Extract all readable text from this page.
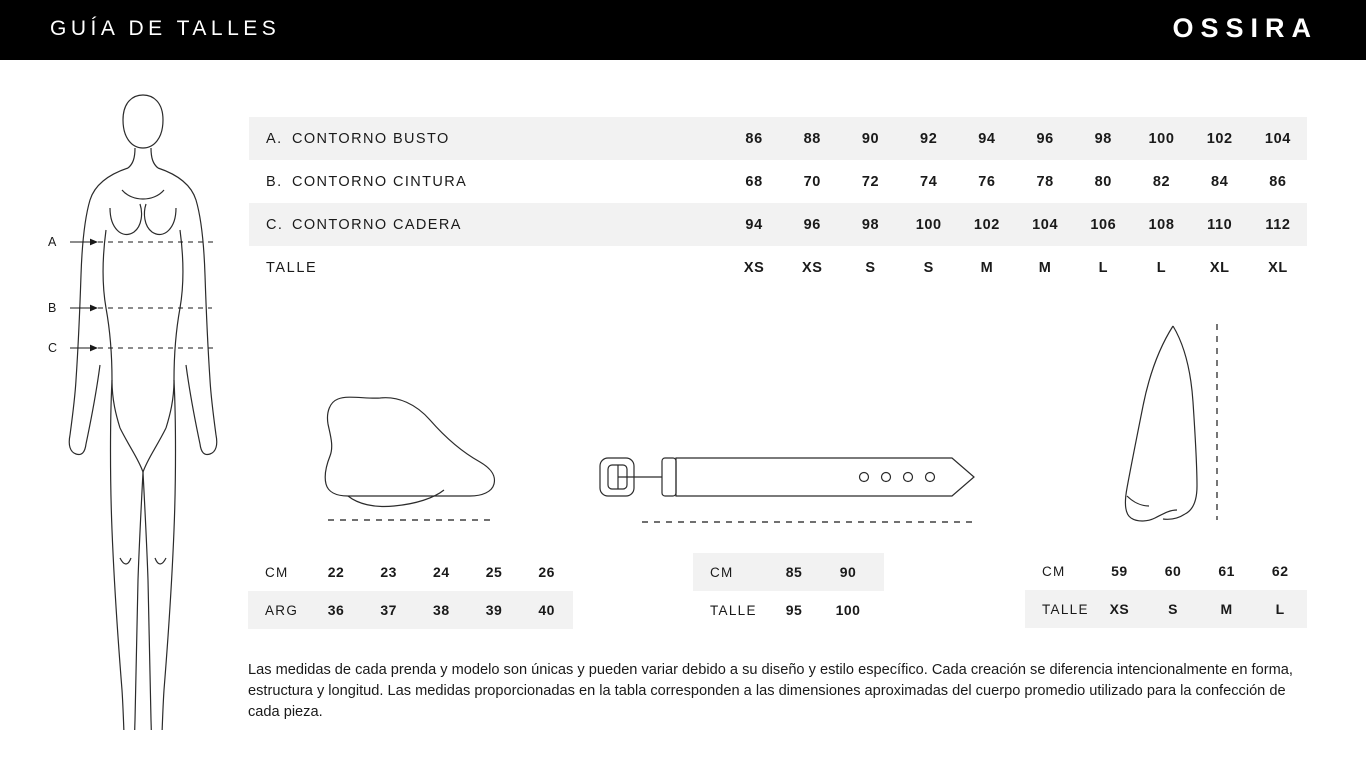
GUÍA DE TALLES	OSSIRA
A
B
C
A. CONTORNO BUSTO	86	88	90	92	94	96	98	100	102	104
B. CONTORNO CINTURA	68	70	72	74	76	78	80	82	84	86
C. CONTORNO CADERA	94	96	98	100	102	104	106	108	110	112
TALLE	XS	XS	S	S	M	M	L	L	XL	XL
CM	22	23	24	25	26
ARG	36	37	38	39	40
CM	85	90
TALLE	95	100
CM	59	60	61	62
TALLE	XS	S	M	L
Las medidas de cada prenda y modelo son únicas y pueden variar debido a su diseño y estilo específico. Cada creación se diferencia intencionalmente en forma, estructura y longitud. Las medidas proporcionadas en la tabla corresponden a las dimensiones aproximadas del cuerpo promedio utilizado para la confección de cada pieza.
